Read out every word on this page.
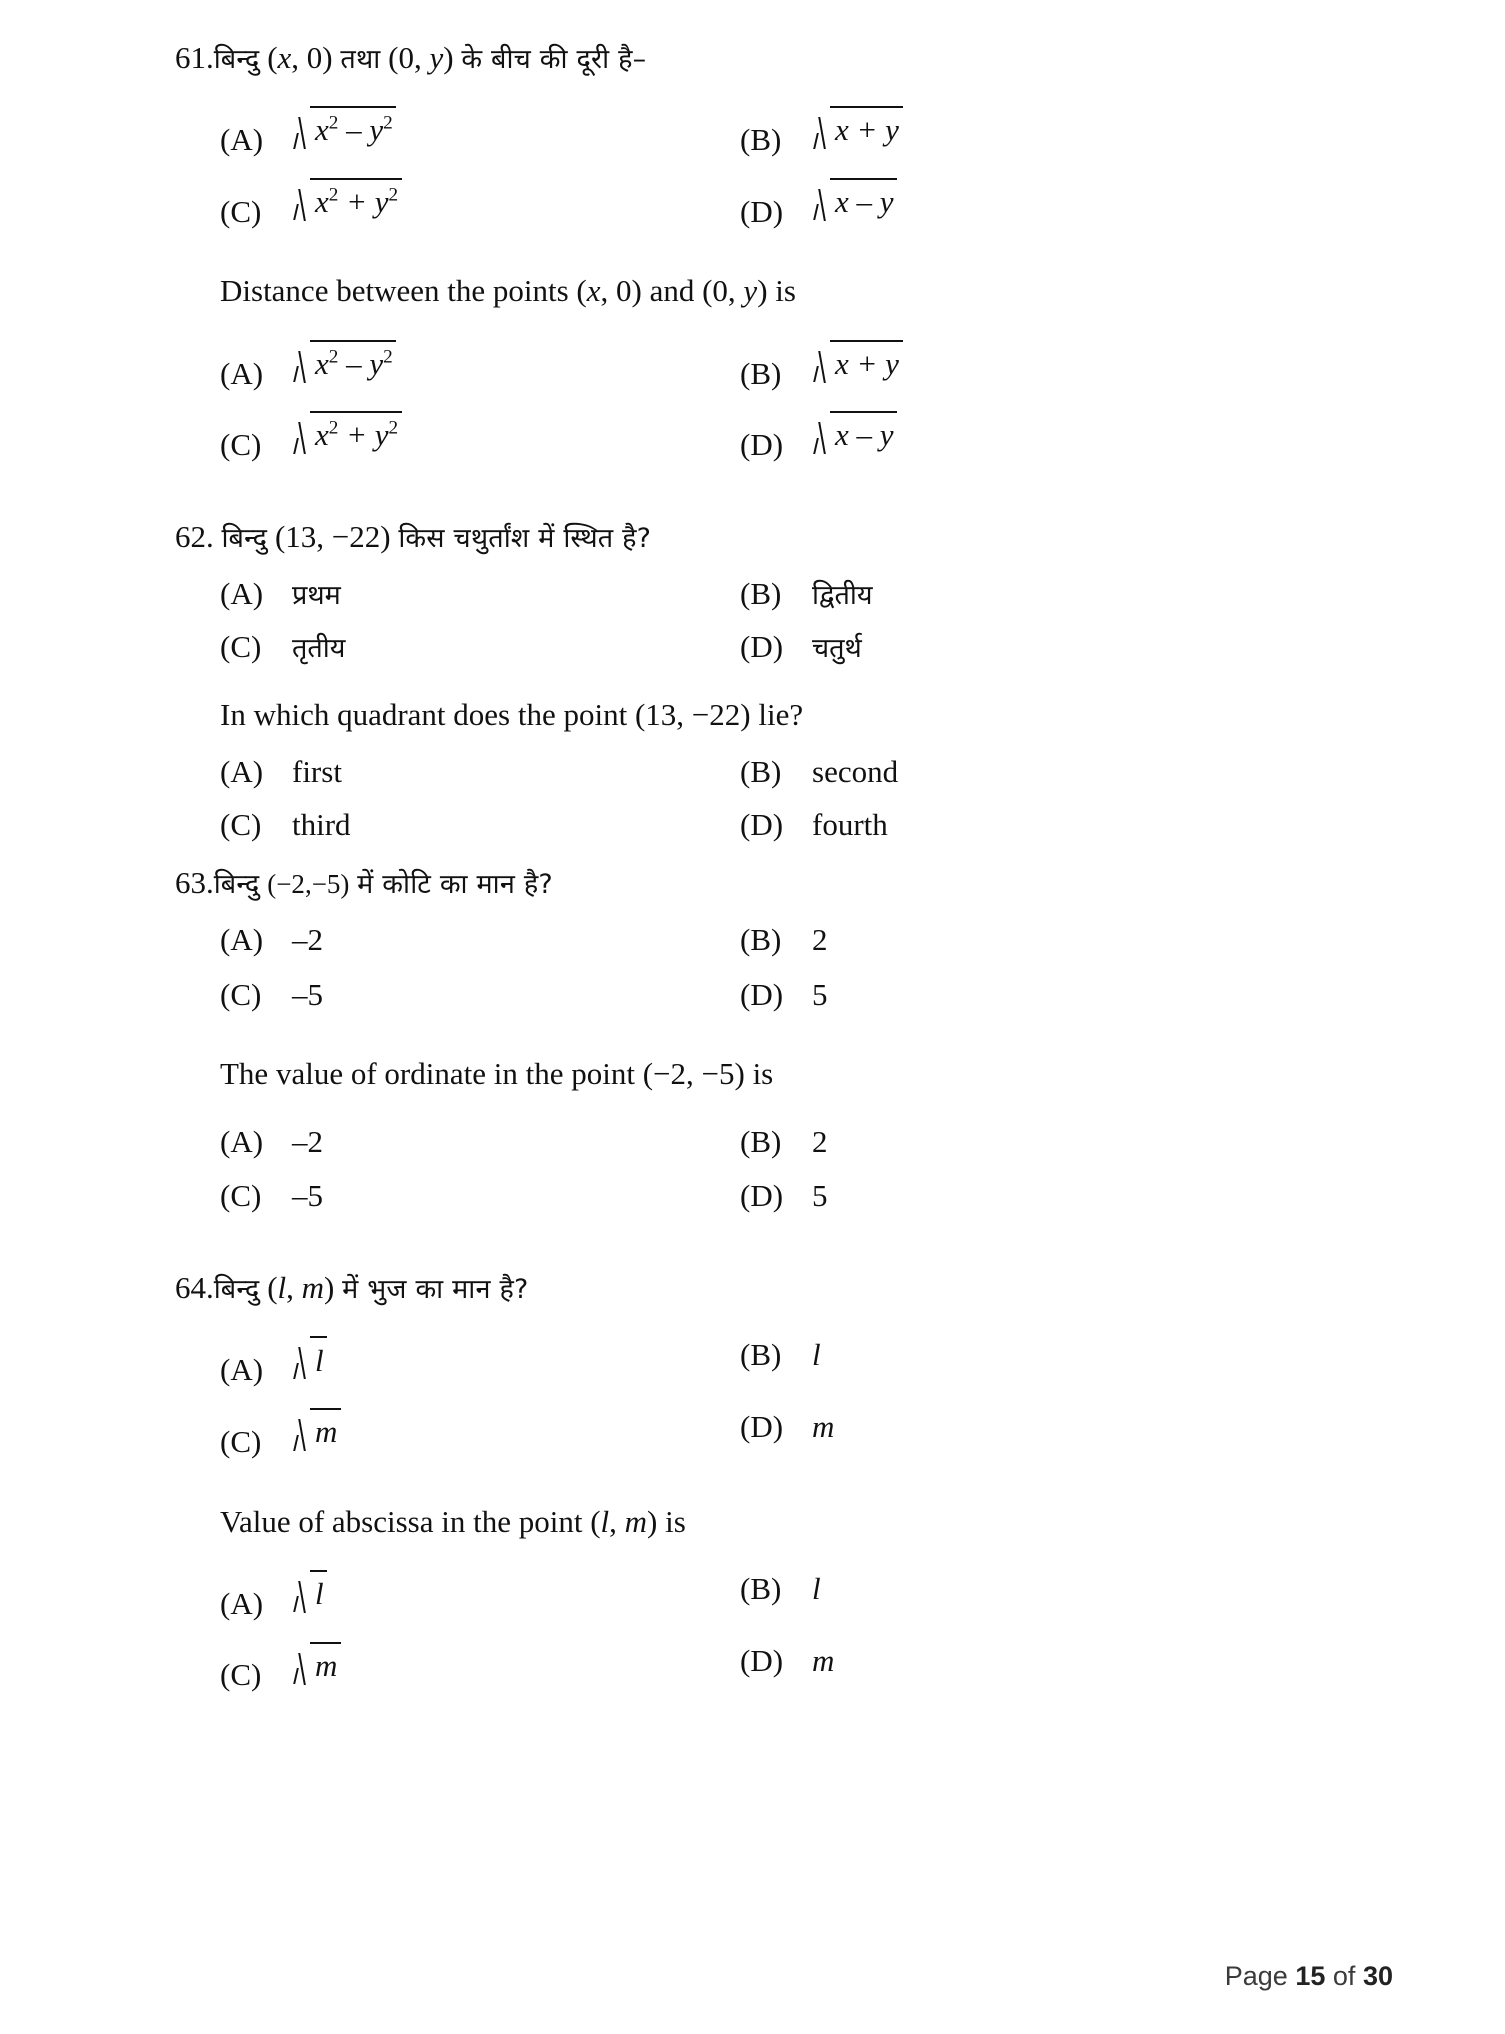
61. बिन्दु
(x, 0)
तथा
(0, y)
के बीच की दूरी है–
(A)	$x^2 - y^2$	(B)	x + y
(C)	$x^2 + y^2$	(D)	x – y
Distance between the points (x, 0) and (0, y) is
(A)	$x^2 - y^2$	(B)	x + y
(C)	$x^2 + y^2$	(D)	x – y
62.
बिन्दु
(13, −22)
किस चथुर्तांश में स्थित है?
(A)	प्रथम	(B)	द्वितीय
(C)	तृतीय	(D)	चतुर्थ
In which quadrant does the point (13, −22) lie?
(A) first	(B) second
(C) third	(D) fourth
63. बिन्दु
(−2,−5)
में कोटि का मान है?
(A) –2	(B) 2
(C) –5	(D) 5
The value of ordinate in the point (−2, −5) is
(A) –2	(B) 2
(C) –5	(D) 5
64. बिन्दु
(l, m)
में भुज का मान है?
(A)	l	(B) l
(C)	m	(D) m
Value of abscissa in the point (l, m) is
(A)	l	(B) l
(C)	m	(D) m
Page 15 of 30
